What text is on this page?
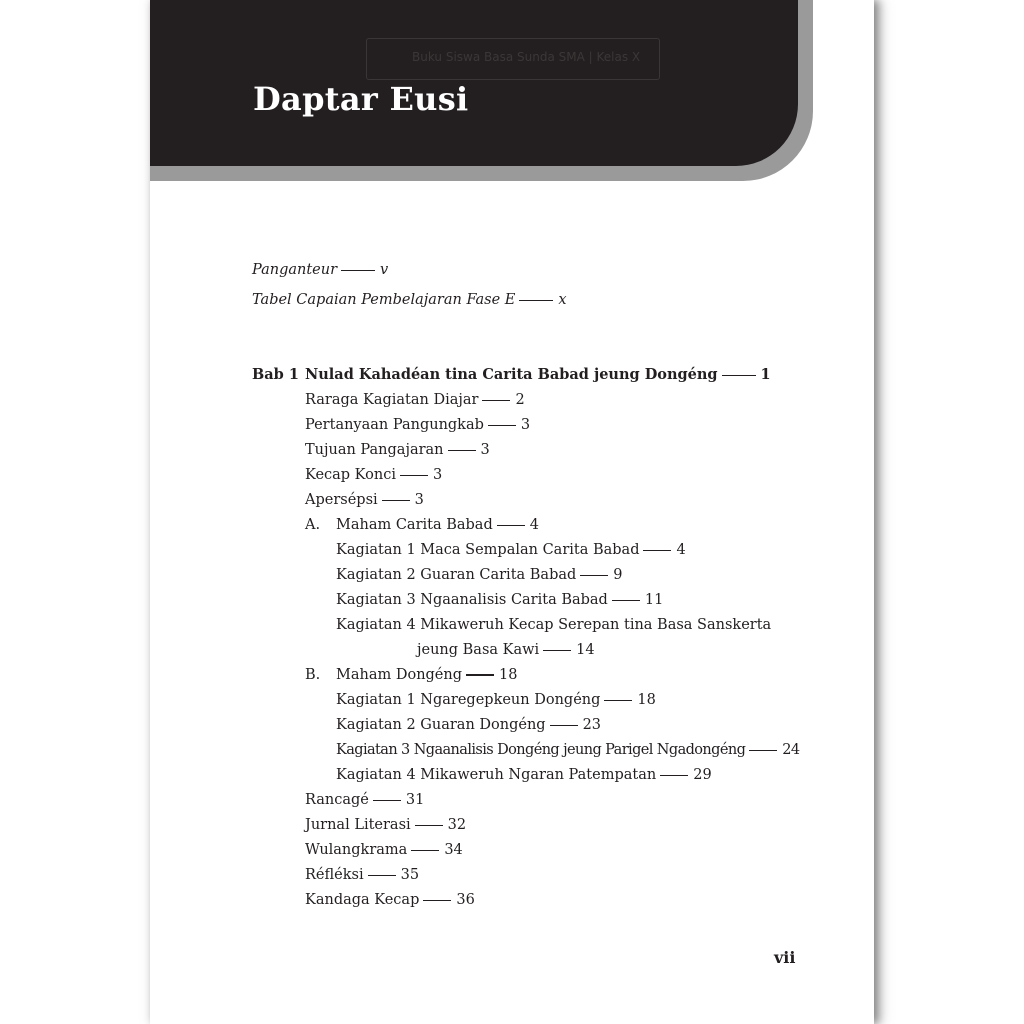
Buku Siswa Basa Sunda SMA | Kelas X
Daptar Eusi
Panganteur	v
Tabel Capaian Pembelajaran Fase E	x
Bab 1 Nulad Kahadéan tina Carita Babad jeung Dongéng	1
Raraga Kagiatan Diajar	2
Pertanyaan Pangungkab	3
Tujuan Pangajaran	3
Kecap Konci	3
Apersépsi	3
A. Maham Carita Babad	4
Kagiatan 1 Maca Sempalan Carita Babad	4
Kagiatan 2 Guaran Carita Babad	9
Kagiatan 3 Ngaanalisis Carita Babad	11
Kagiatan 4 Mikaweruh Kecap Serepan tina Basa Sanskerta
jeung Basa Kawi	14
B. Maham Dongéng	18
Kagiatan 1 Ngaregepkeun Dongéng	18
Kagiatan 2 Guaran Dongéng	23
Kagiatan 3 Ngaanalisis Dongéng jeung Parigel Ngadongéng	24
Kagiatan 4 Mikaweruh Ngaran Patempatan	29
Rancagé	31
Jurnal Literasi	32
Wulangkrama	34
Réfléksi	35
Kandaga Kecap	36
vii
